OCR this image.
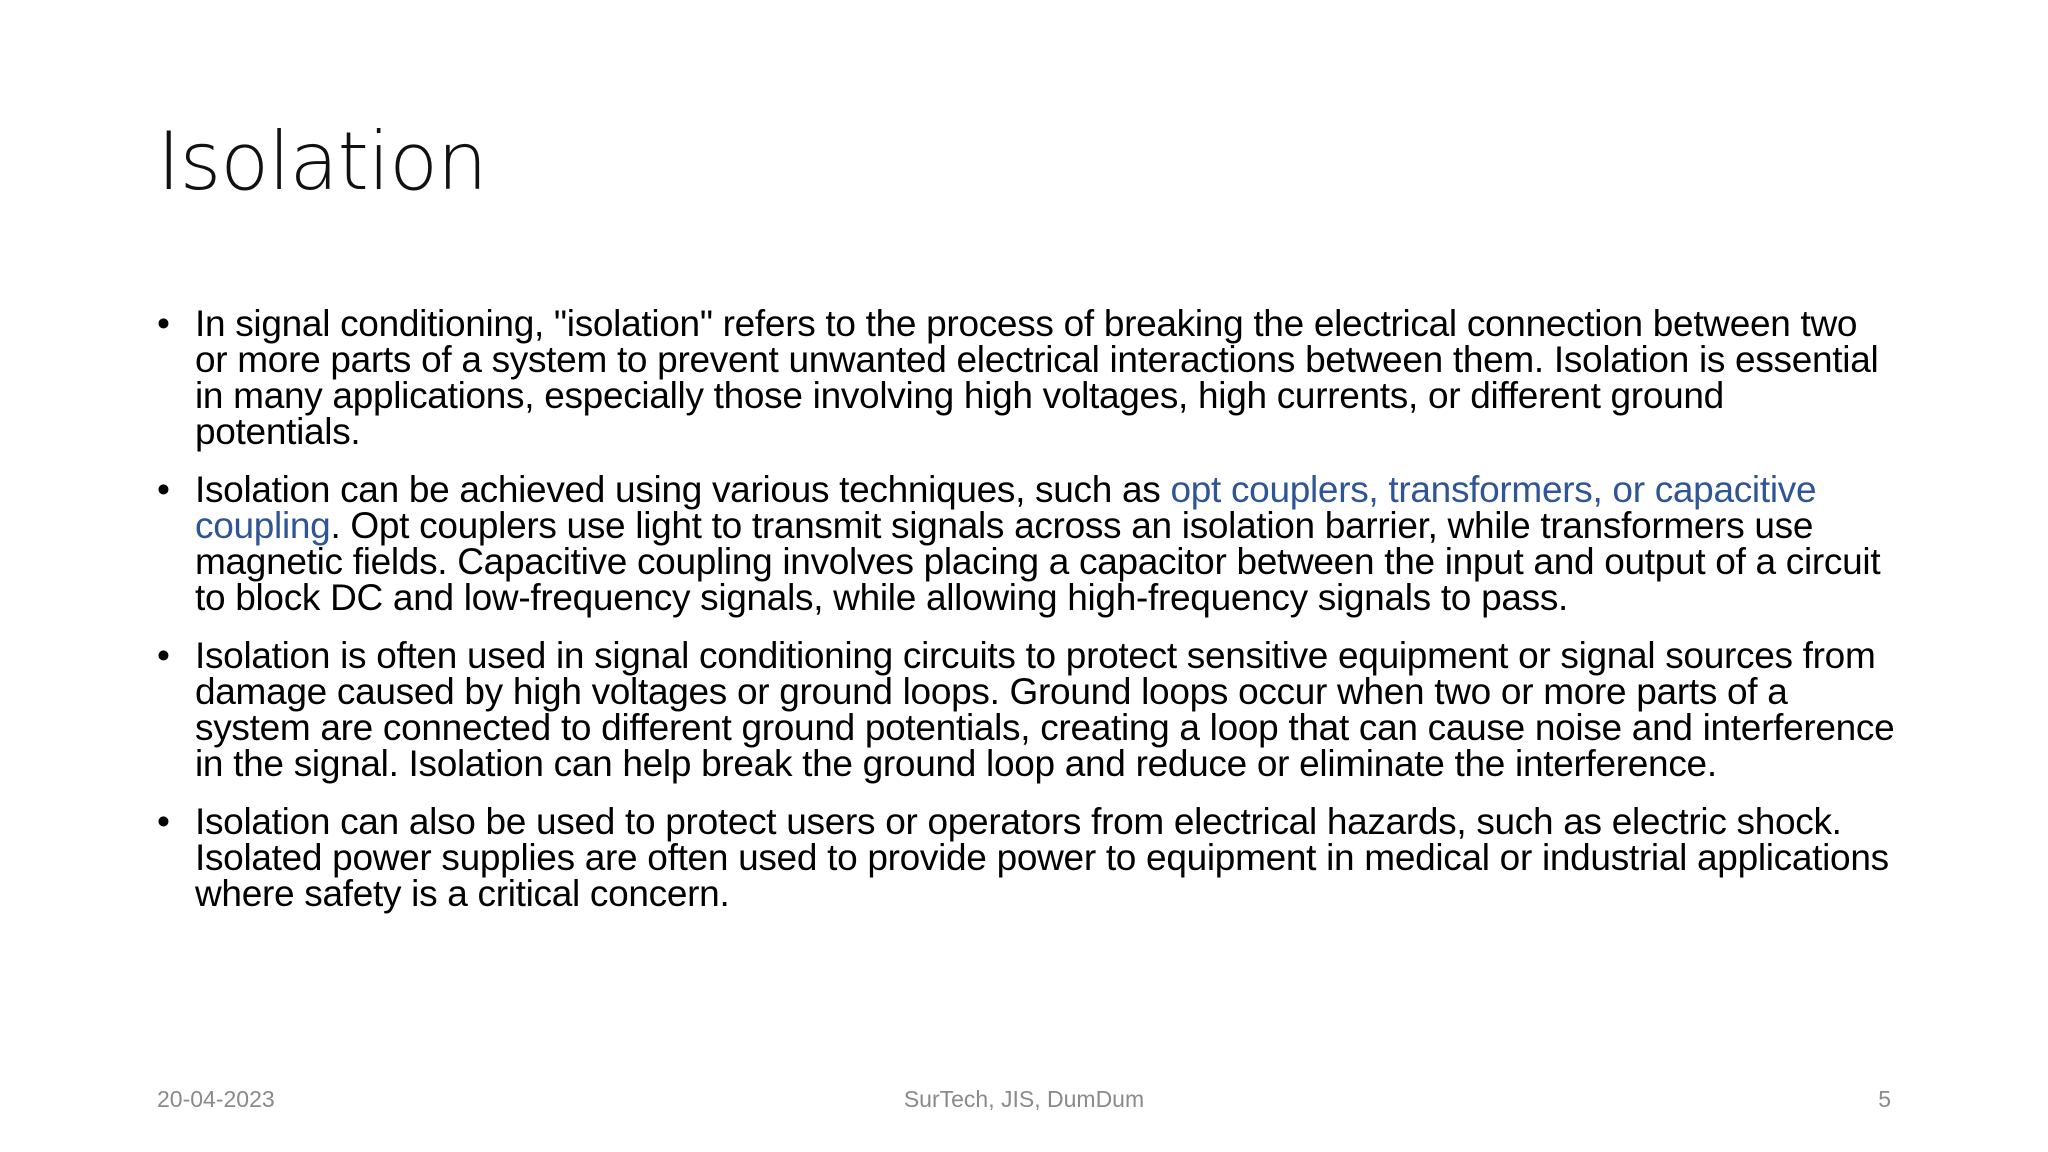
Isolation
• In signal conditioning, "isolation" refers to the process of breaking the electrical connection between two or more parts of a system to prevent unwanted electrical interactions between them. Isolation is essential in many applications, especially those involving high voltages, high currents, or different ground potentials.
• Isolation can be achieved using various techniques, such as opt couplers, transformers, or capacitive coupling. Opt couplers use light to transmit signals across an isolation barrier, while transformers use magnetic fields. Capacitive coupling involves placing a capacitor between the input and output of a circuit to block DC and low-frequency signals, while allowing high-frequency signals to pass.
• Isolation is often used in signal conditioning circuits to protect sensitive equipment or signal sources from damage caused by high voltages or ground loops. Ground loops occur when two or more parts of a system are connected to different ground potentials, creating a loop that can cause noise and interference in the signal. Isolation can help break the ground loop and reduce or eliminate the interference.
• Isolation can also be used to protect users or operators from electrical hazards, such as electric shock. Isolated power supplies are often used to provide power to equipment in medical or industrial applications where safety is a critical concern.
20-04-2023	SurTech, JIS, DumDum	5
